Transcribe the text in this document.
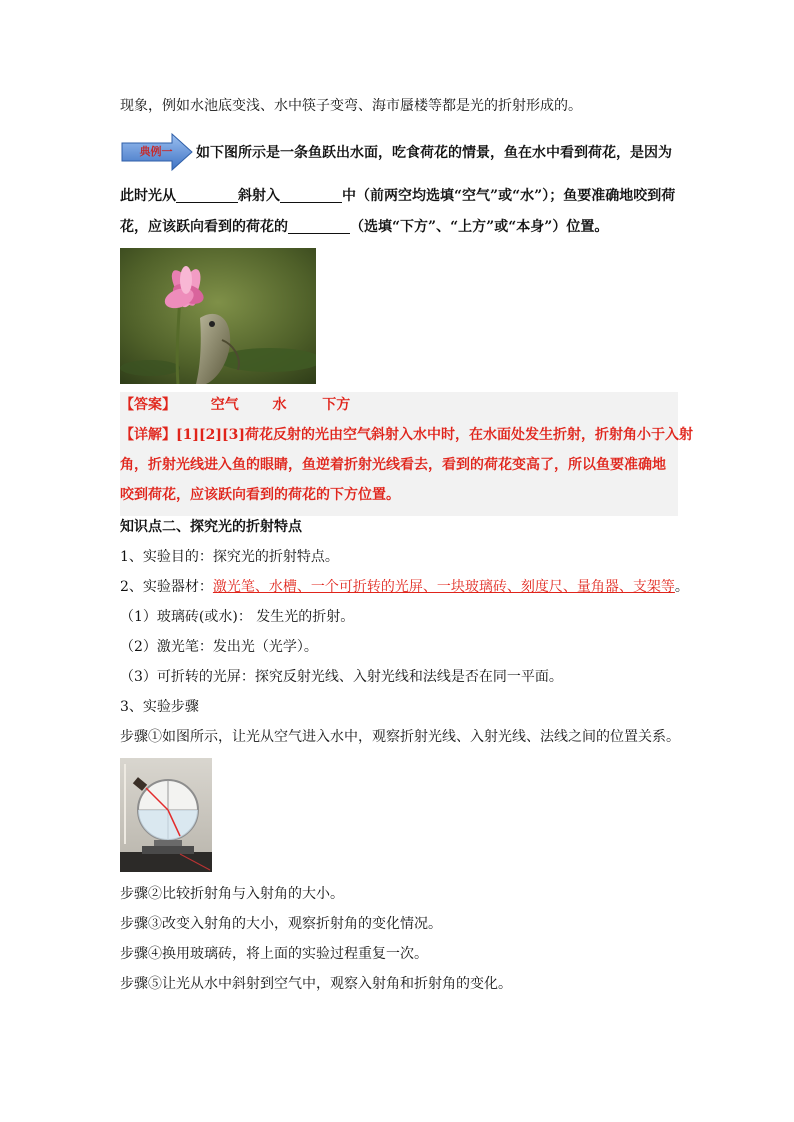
现象，例如水池底变浅、水中筷子变弯、海市蜃楼等都是光的折射形成的。
典例一	如下图所示是一条鱼跃出水面，吃食荷花的情景，鱼在水中看到荷花，是因为
此时光从	斜射入	中（前两空均选填“空气”或“水”）；鱼要准确地咬到荷
花，应该跃向看到的荷花的	（选填“下方”、“上方”或“本身”）位置。
【答案】 空气 水	下方
【详解】[1][2][3]荷花反射的光由空气斜射入水中时，在水面处发生折射，折射角小于入射
角，折射光线进入鱼的眼睛，鱼逆着折射光线看去，看到的荷花变高了，所以鱼要准确地
咬到荷花，应该跃向看到的荷花的下方位置。
知识点二、探究光的折射特点
1、实验目的：探究光的折射特点。
2、实验器材：激光笔、水槽、一个可折转的光屏、一块玻璃砖、刻度尺、量角器、支架等。
（1）玻璃砖(或水)： 发生光的折射。
（2）激光笔：发出光（光学）。
（3）可折转的光屏：探究反射光线、入射光线和法线是否在同一平面。
3、实验步骤
步骤①如图所示，让光从空气进入水中，观察折射光线、入射光线、法线之间的位置关系。
步骤②比较折射角与入射角的大小。
步骤③改变入射角的大小，观察折射角的变化情况。
步骤④换用玻璃砖，将上面的实验过程重复一次。
步骤⑤让光从水中斜射到空气中，观察入射角和折射角的变化。
